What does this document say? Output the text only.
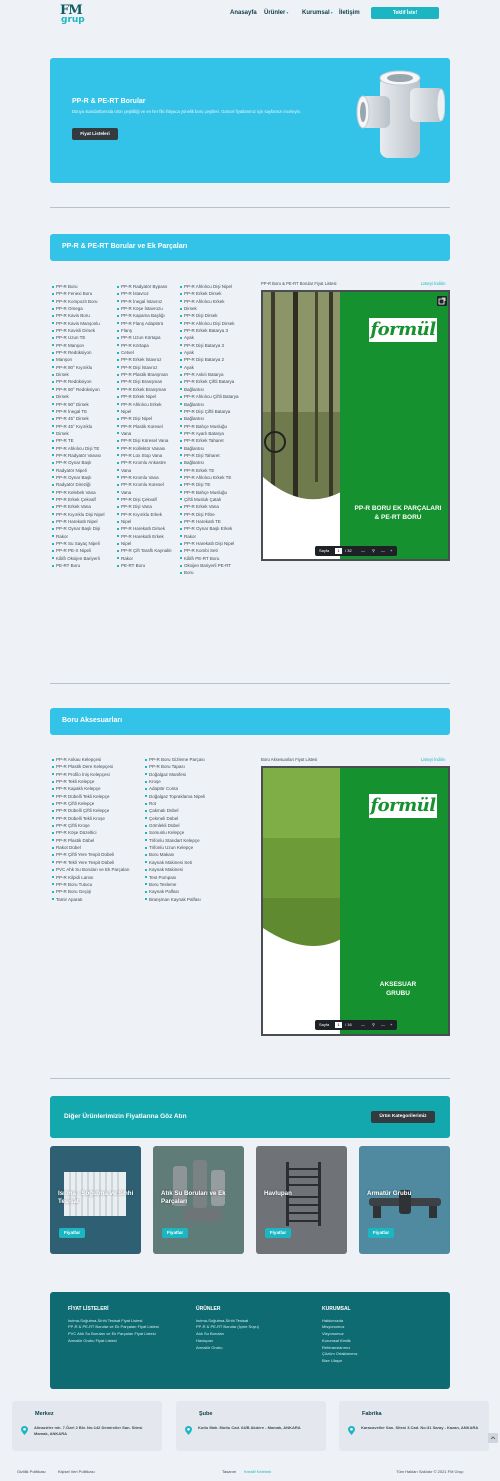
FM
grup
Anasayfa Ürünler▾ Kurumsal▾ İletişim	Teklif İste!
PP-R & PE-RT Borular

Dünya standartlarında ürün çeşitliliği ve en her fiki ihtiyaca yönelik boru çeşitleri. Güncel fiyatlarımız için sayfamızı inceleyin.

Fiyat Listeleri
PP-R & PE-RT Borular ve Ek Parçaları
PP-R Boru
PP-R Fenexi Boru
PP-R Kompozit Boru
PP-R Omega
PP-R Kavis Boru
PP-R Kavis Manşonlu
PP-R Kavisli Dirsek
PP-R Uzun TE
PP-R Manşon
PP-R Redüksiyon
Manşon
PP-R 90° Kıyırıklu
Dirsek
PP-R Redüksiyon
PP-R 90° Redüksiyon
Dirsek
PP-R 90° Dirsek
PP-R İnegal TE
PP-R 45° Dirsek
PP-R 45° Kıyırıklu
Dirsek
PP-R TE
PP-R Ahkılıcu Dişi TE
PP-R Radyatör Vanası
PP-R Oynar Başlı
Radyatör Nipeli
PP-R Oynar Başlı
Radyatör Direziği
PP-R Kelebek Vana
PP-R Erkek Çekvalf
PP-R Erkek Vana
PP-R Kıyırıklu Dişi Nipel
PP-R Harekatlı Nipel
PP-R Oynar Başlı Dişi
Rakor
PP-R Su Sayaç Nipeli
PP-R PE-X Nipeli
Kâlifı Oksijen Bariyerli
PE-RT Boru
PP-R Radyatör Bypass
PP-R İstavroz
PP-R İnegal İstavroz
PP-R Köşe İstavrozu
PP-R Kapama Başlığı
PP-R Flanş Adaptörü
Flanş
PP-R Uzun Körtapa
PP-R Körtapa
Cetvel
PP-R Erkek İstavroz
PP-R Dişi İstavroz
PP-R Plastik Branşman
PP-R Dişi Branşman
PP-R Erkek Branşman
PP-R Erkek Nipel
PP-R Ahkılıcu Erkek
Nipel
PP-R Dişi Nipel
PP-R Plastik Küresel
Vana
PP-R Dişi Küresel Vana
PP-R Kollektör Vanası
PP-R Lüx Stop Vana
PP-R Kromlu Ankastre
Vana
PP-R Kromlu Vana
PP-R Kromlu Küresel
Vana
PP-R Dişi Çekvalf
PP-R Dişi Vana
PP-R Kıyırıklu Erkek
Nipel
PP-R Harekatlı Dirsek
PP-R Harekatlı Erkek
Nipel
PP-R Çift Taraflı Kaynaklı
Rakor
PE-RT Boru
PP-R Ahkılıcu Dişi Nipel
PP-R Erkek Dirsek
PP-R Ahkılıcu Erkek
Dirsek
PP-R Dişi Dirsek
PP-R Ahkılıcu Dişi Dirsek
PP-R Erkek Batarya 3
Ayak
PP-R Dişi Batarya 3
Ayak
PP-R Dişi Batarya 2
Ayak
PP-R Askılı Batarya
PP-R Erkek Çiftli Batarya
Bağlantısı
PP-R Ahkılıcu Çiftli Batarya
Bağlantısı
PP-R Dişi Çiftli Batarya
Bağlantısı
PP-R Bahçe Musluğu
PP-R Ayarlı Batarya
PP-R Erkek Taharet
Bağlantısı
PP-R Dişi Taharet
Bağlantısı
PP-R Erkek TE
PP-R Ahkılıcu Erkek TE
PP-R Dişi TE
PP-R Bahçe Musluğu
Çiftli Musluk Çatalı
PP-R Erkek Vana
PP-R Dişi Filtre
PP-R Harekatlı TE
PP-R Oynar Başlı Erkek
Rakor
PP-R Harekatlı Dişi Nipel
PP-R Kombi Seti
Kâlifı PE-RT Boru
Oksijen Bariyerli PE-RT
Boru
PP-R Boru & PE-RT Borular Fiyat Listesi	Listeyi İndirin
formül
PP-R BORU EK PARÇALARI
& PE-RT BORU
Sayfa	1	/ 32 — ⚲ — +
Boru Aksesuarları
PP-R Ankau Kelepçesi
PP-R Plastik Dere Kelepçesi
PP-R Profilo İniş Kelepçesi
PP-R Tekli Kelepçe
PP-R Kapaklı Kelepçe
PP-R Dübelli Tekli Kelepçe
PP-R Çiftli Kelepçe
PP-R Dübelli Çiftli Kelepçe
PP-R Dübelli Tekli Kroşe
PP-R Çiftli Kroşe
PP-R Köşe Düzeltici
PP-R Plastik Dübel
Rakot Dübel
PP-R Çiftli Yere Tespit Dübeli
PP-R Tekli Yere Tespit Dübeli
PVC Ahk Su Boruları ve Ek Parçaları
PP-R Kilpidi Lamsı
PP-R Boru Tutucu
PP-R Boru Geçişi
Tamir Aparatı
PP-R Boru Gizleme Parçası
PP-R Boru Tapası
Doğalgaz Manifesi
Kroşe
Adaptör Conta
Doğalgaz Topraklama Nipeli
Rot
Çakmalı Dübel
Çekmeli Dübel
Gömlekli Dübel
Somunlu Kelepçe
Trifonlu Standart Kelepçe
Trifonlu Uzun Kelepçe
Boru Makası
Kaynak Makinesi Seti
Kaynak Makinesi
Test Pompası
Boru Tesleme
Kaynak Palfası
Branşman Kaynak Palfası
Boru Aksesuarları Fiyat Listesi	Listeyi İndirin
formül
AKSESUAR
GRUBU
Sayfa	1	/ 16 — ⚲ — +
Diğer Ürünlerimizin Fiyatlarına Göz Atın	Ürün Kategorilerimiz
Isıtma - Soğutma ve Sıhhi Tesisat
Fiyatlar
Atık Su Boruları ve Ek Parçaları
Fiyatlar
Havlupan
Fiyatlar
Armatür Grubu
Fiyatlar
FİYAT LİSTELERİ
Isıtma-Soğutma-Sıhhi Tesisat Fiyat Listesi
PP-R & PE-RT Borular ve Ek Parçaları Fiyat Listesi
PVC Atık Su Boruları ve Ek Parçaları Fiyat Listesi
Armatür Grubu Fiyat Listesi
ÜRÜNLER
Isıtma-Soğutma-Sıhhi Tesisat
PP-R & PE-RT Borular (İçme Suyu)
Atık Su Boruları
Havlupan
Armatür Grubu
KURUMSAL
Hakkımızda
Misyonumuz
Vizyonumuz
Kurumsal Kimlik
Referanslarımız
Çözüm Ortaklarımız
Bize Ulaşın
Merkez
Alinazirler mh. 7.Özel 2 Blv. No:142 Demirciler San. Sitesi Mamak, ANKARA
Şube
Kutlu Mah. Mutlu Cad. 64/B Akdere - Mamak, ANKARA
Fabrika
Karacaveller San. Sitesi 3.Cad. No:31 Saray - Kazan, ANKARA
Gizlilik Politikası	Kişisel Veri Politikası	Tasarım Kreatif Kelebek	Tüm Hakları Saklıdır © 2021 FM Grup
